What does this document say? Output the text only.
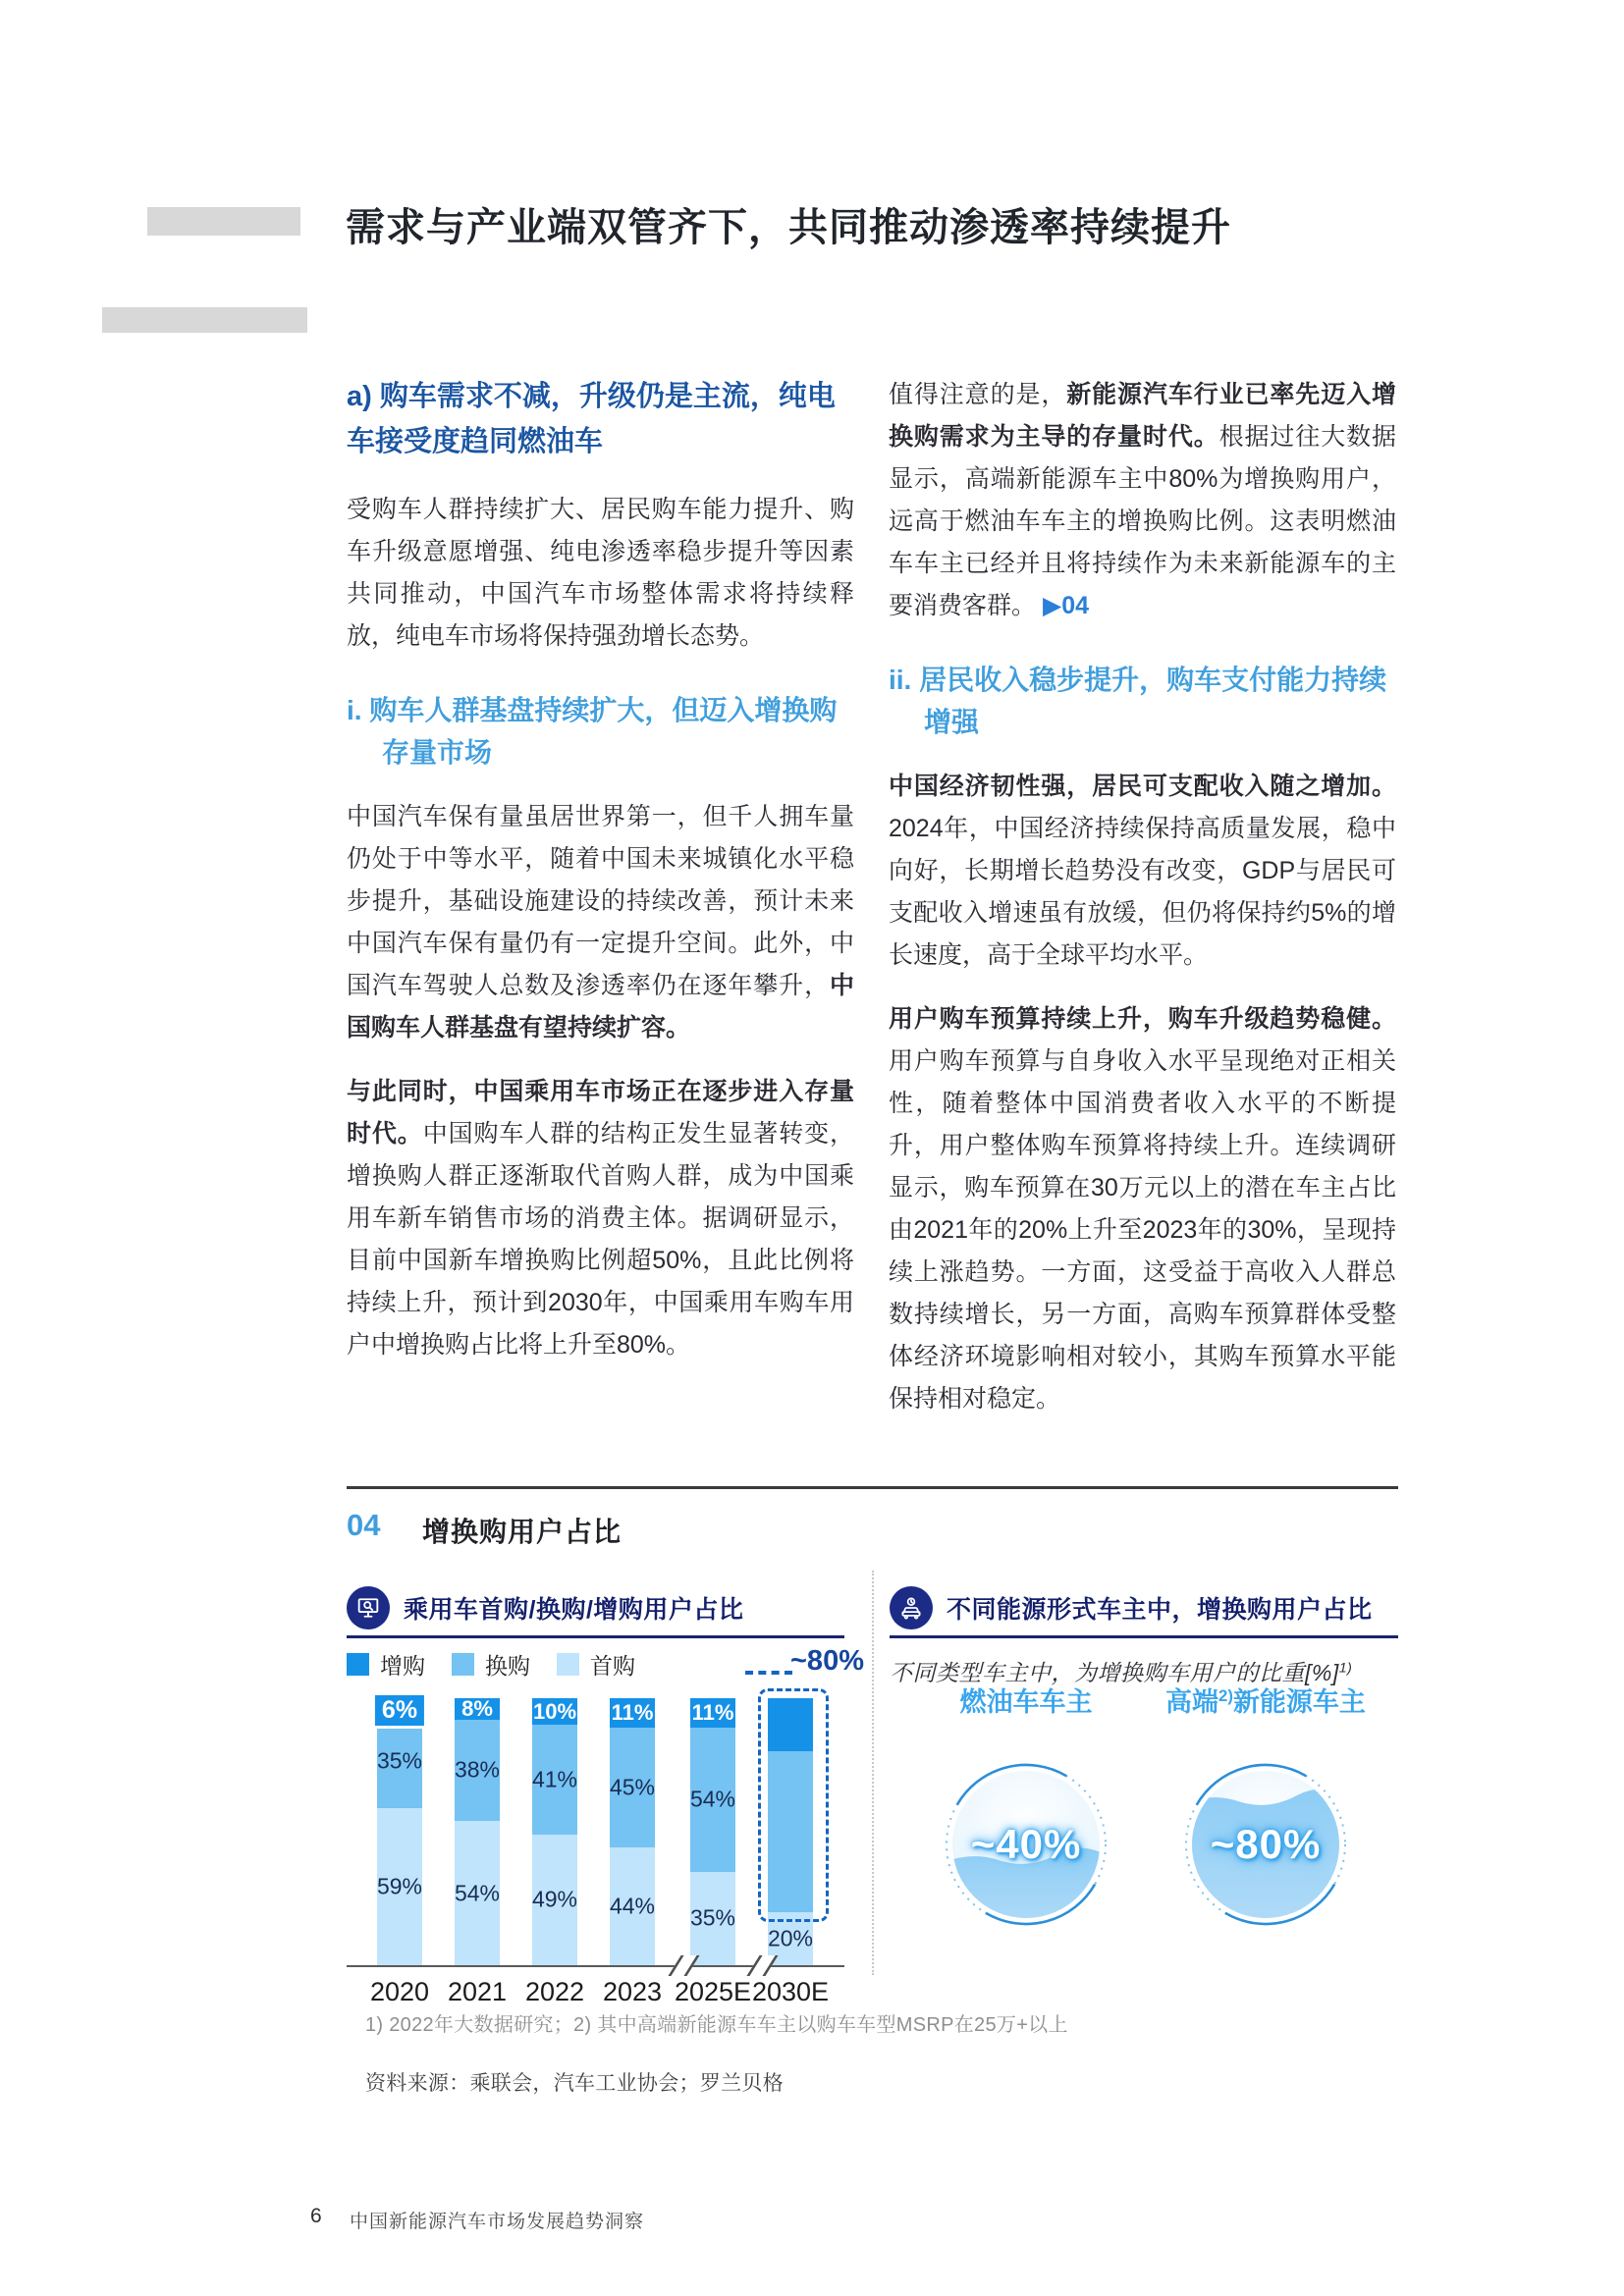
需求与产业端双管齐下，共同推动渗透率持续提升
a) 购车需求不减，升级仍是主流，纯电车接受度趋同燃油车

受购车人群持续扩大、居民购车能力提升、购车升级意愿增强、纯电渗透率稳步提升等因素共同推动，中国汽车市场整体需求将持续释放，纯电车市场将保持强劲增长态势。

i. 购车人群基盘持续扩大，但迈入增换购存量市场

中国汽车保有量虽居世界第一，但千人拥车量仍处于中等水平，随着中国未来城镇化水平稳步提升，基础设施建设的持续改善，预计未来中国汽车保有量仍有一定提升空间。此外，中国汽车驾驶人总数及渗透率仍在逐年攀升，中国购车人群基盘有望持续扩容。

与此同时，中国乘用车市场正在逐步进入存量时代。中国购车人群的结构正发生显著转变，增换购人群正逐渐取代首购人群，成为中国乘用车新车销售市场的消费主体。据调研显示，目前中国新车增换购比例超50%，且此比例将持续上升，预计到2030年，中国乘用车购车用户中增换购占比将上升至80%。

值得注意的是，新能源汽车行业已率先迈入增换购需求为主导的存量时代。根据过往大数据显示，高端新能源车主中80%为增换购用户，远高于燃油车车主的增换购比例。这表明燃油车车主已经并且将持续作为未来新能源车的主要消费客群。 ▶04

ii. 居民收入稳步提升，购车支付能力持续增强

中国经济韧性强，居民可支配收入随之增加。2024年，中国经济持续保持高质量发展，稳中向好，长期增长趋势没有改变，GDP与居民可支配收入增速虽有放缓，但仍将保持约5%的增长速度，高于全球平均水平。

用户购车预算持续上升，购车升级趋势稳健。用户购车预算与自身收入水平呈现绝对正相关性，随着整体中国消费者收入水平的不断提升，用户整体购车预算将持续上升。连续调研显示，购车预算在30万元以上的潜在车主占比由2021年的20%上升至2023年的30%，呈现持续上涨趋势。一方面，这受益于高收入人群总数持续增长，另一方面，高购车预算群体受整体经济环境影响相对较小，其购车预算水平能保持相对稳定。

04 增换购用户占比
乘用车首购/换购/增购用户占比
增购	换购	首购	~80%
59%
35%
6%
2020
54%
38%
8%
2021
49%
41%
10%
2022
44%
45%
11%
2023
35%
54%
11%
2025E
20%
2030E
不同能源形式车主中，增换购用户占比
不同类型车主中，为增换购车用户的比重[%]$^{1)}$
燃油车车主
~40%
高端$^{2)}$新能源车主
~80%
1) 2022年大数据研究；2) 其中高端新能源车车主以购车车型MSRP在25万+以上
资料来源：乘联会，汽车工业协会；罗兰贝格
6 中国新能源汽车市场发展趋势洞察
